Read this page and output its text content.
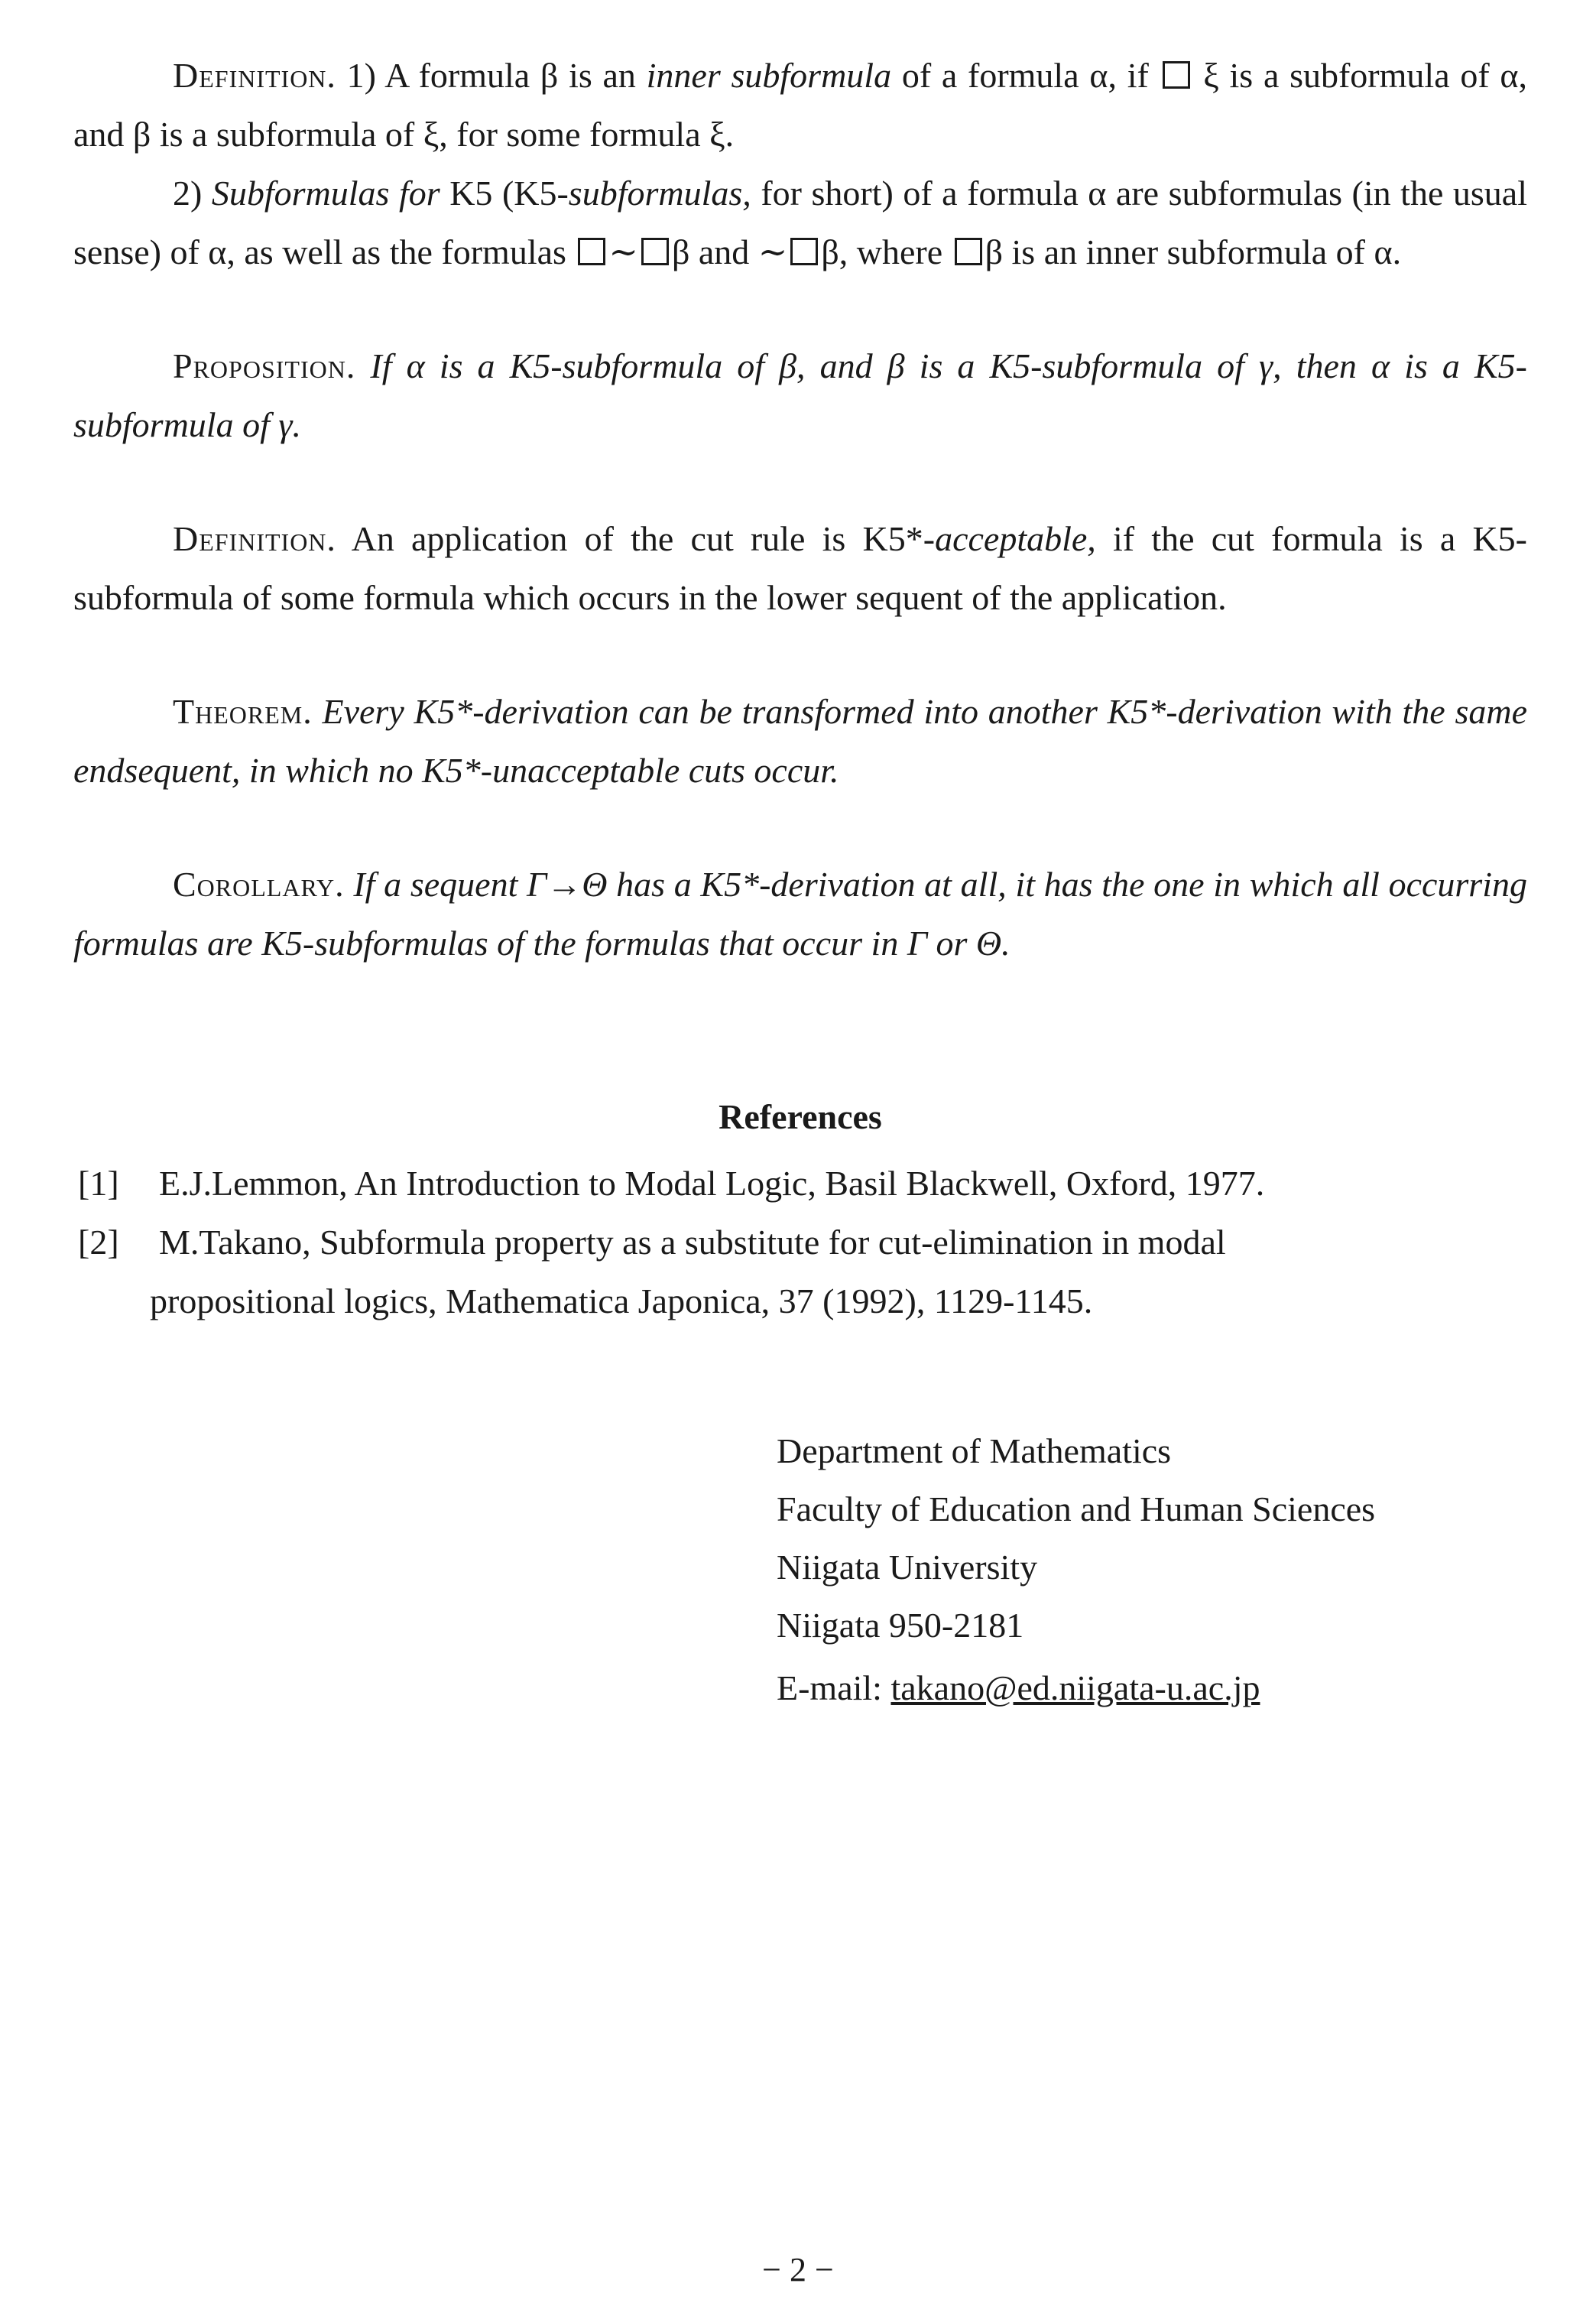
Definition. 1) A formula β is an inner subformula of a formula α, if  ξ is a subformula of α, and β is a subformula of ξ, for some formula ξ.

2) Subformulas for K5 (K5-subformulas, for short) of a formula α are subformulas (in the usual sense) of α, as well as the formulas ∼ β and ∼ β, where β is an inner subformula of α.

Proposition. If α is a K5-subformula of β, and β is a K5-subformula of γ, then α is a K5-subformula of γ.

Definition. An application of the cut rule is K5*-acceptable, if the cut formula is a K5-subformula of some formula which occurs in the lower sequent of the application.

Theorem. Every K5*-derivation can be transformed into another K5*-derivation with the same endsequent, in which no K5*-unacceptable cuts occur.

Corollary. If a sequent Γ→Θ has a K5*-derivation at all, it has the one in which all occurring formulas are K5-subformulas of the formulas that occur in Γ or Θ.

References

[1] E.J.Lemmon, An Introduction to Modal Logic, Basil Blackwell, Oxford, 1977.

[2] M.Takano, Subformula property as a substitute for cut-elimination in modal
propositional logics, Mathematica Japonica, 37 (1992), 1129-1145.

Department of Mathematics
Faculty of Education and Human Sciences
Niigata University
Niigata 950-2181
E-mail: takano@ed.niigata-u.ac.jp
− 2 −
